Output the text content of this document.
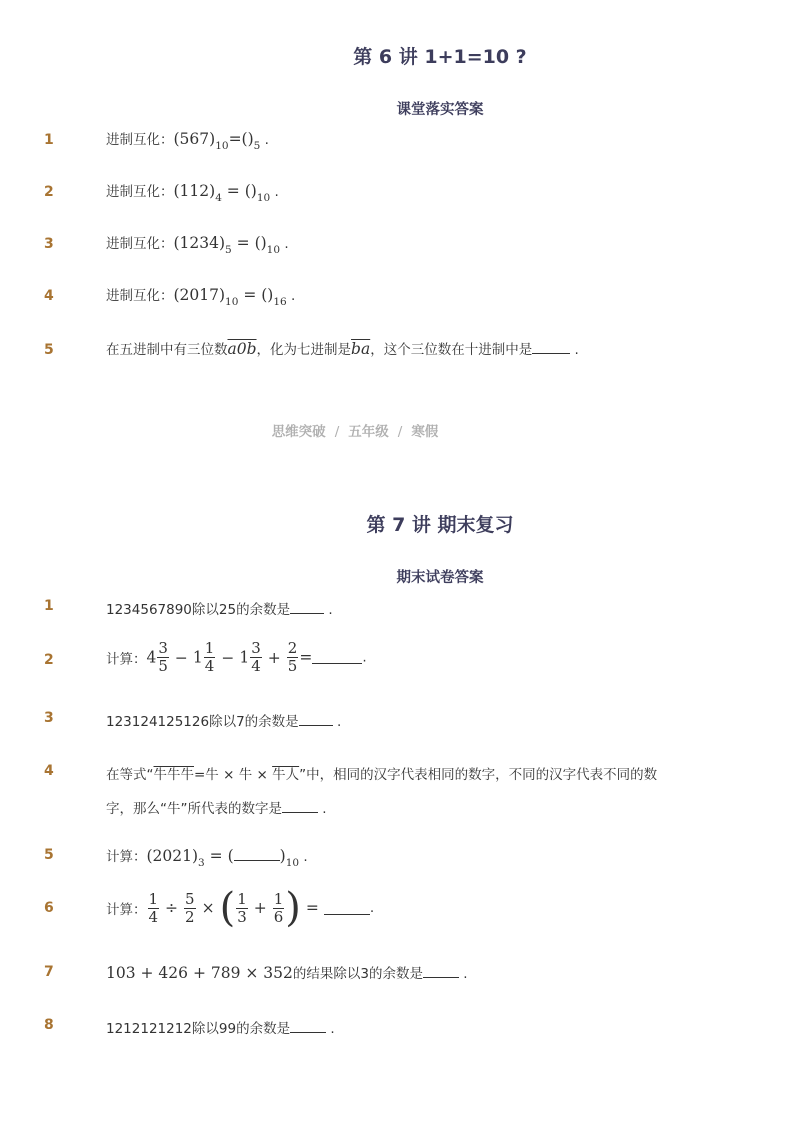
第 6 讲 1+1=10 ?
课堂落实答案
1	进制互化：$(567)_{10}=()_5$ .
2	进制互化：$(112)_4 = ()_{10}$ .
3	进制互化：$(1234)_5 = ()_{10}$ .
4	进制互化：$(2017)_{10} = ()_{16}$ .
5	在五进制中有三位数a0b，化为七进制是$\overline{ba}$，这个三位数在十进制中是	.
思维突破 / 五年级 / 寒假
第 7 讲 期末复习
期末试卷答案
1	1234567890除以25的余数是	.
2	计算：$4 \frac{3}{5} - 1 \frac{1}{4} - 1 \frac{3}{4} + \frac{2}{5}$ =	.
3	123124125126除以7的余数是	.
4	在等式“牛牛牛=牛 × 牛 × 牛人”中，相同的汉字代表相同的数字，不同的汉字代表不同的数
字，那么“牛”所代表的数字是	.
5	计算：$(2021)_3$ = (	)$_{10}$ .
6	计算： $\frac{1}{4} \div \frac{5}{2}$ × ( $\frac{1}{3} + \frac{1}{6}$ ) =	.
7	103 + 426 + 789 × 352的结果除以3的余数是	.
8	1212121212除以99的余数是	.
